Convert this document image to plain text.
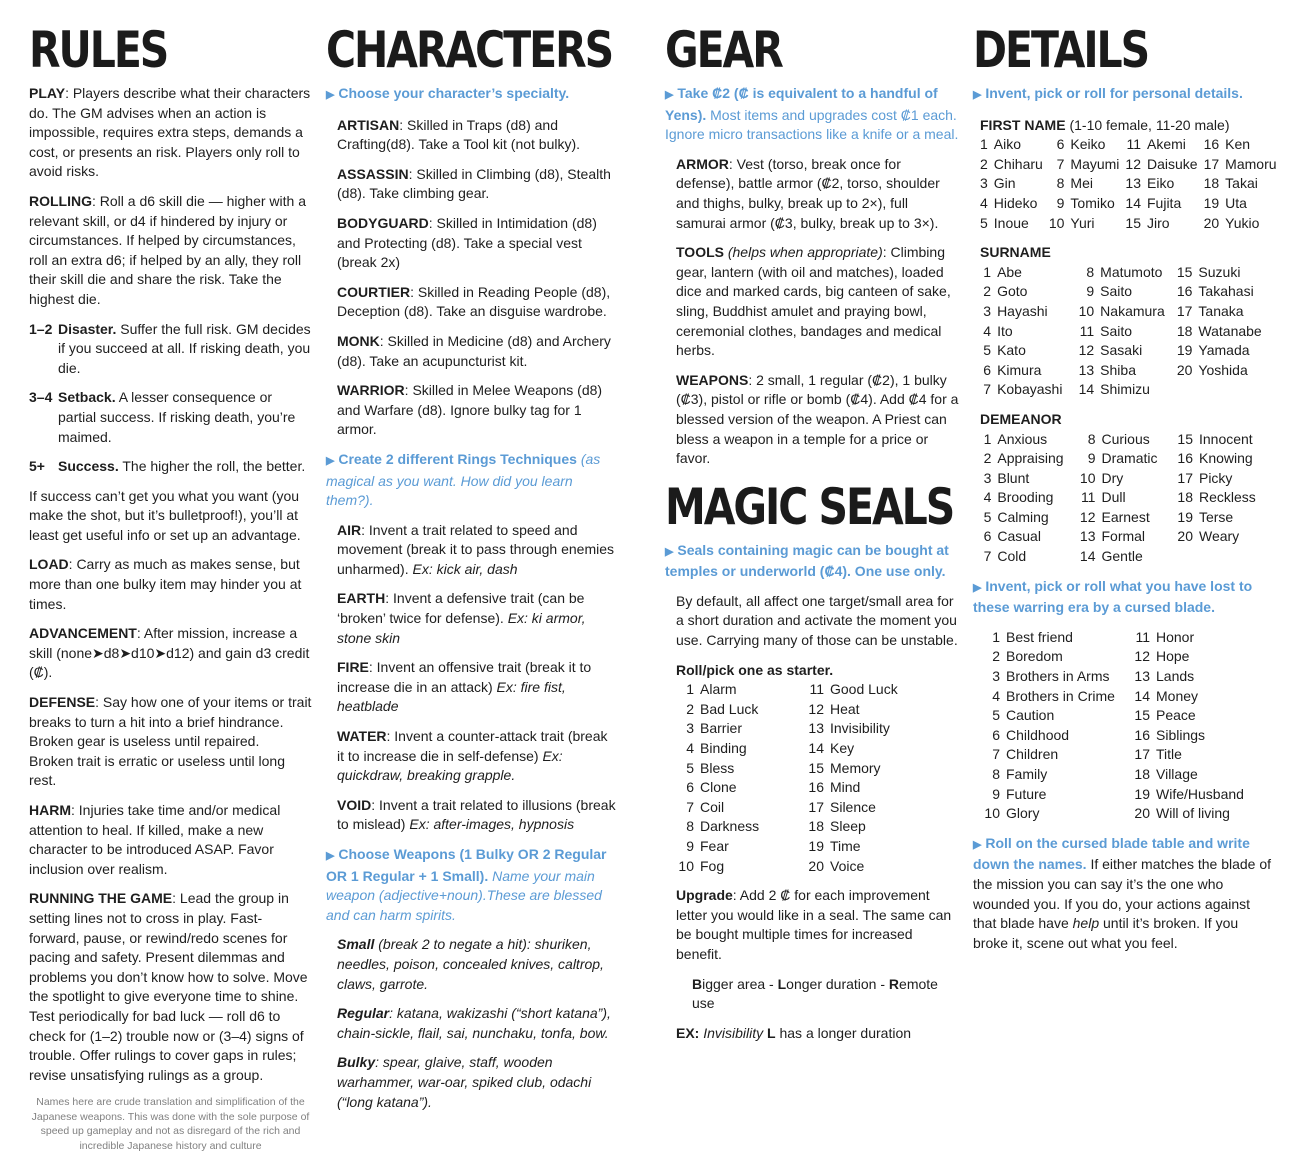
RULES

PLAY: Players describe what their characters do. The GM advises when an action is impossible, requires extra steps, demands a cost, or presents an risk. Players only roll to avoid risks.

ROLLING: Roll a d6 skill die — higher with a relevant skill, or d4 if hindered by injury or circumstances. If helped by circumstances, roll an extra d6; if helped by an ally, they roll their skill die and share the risk. Take the highest die.

1–2 Disaster. Suffer the full risk. GM decides if you succeed at all. If risking death, you die.
3–4 Setback. A lesser consequence or partial success. If risking death, you’re maimed.
5+ Success. The higher the roll, the better.

If success can’t get you what you want (you make the shot, but it’s bulletproof!), you’ll at least get useful info or set up an advantage.

LOAD: Carry as much as makes sense, but more than one bulky item may hinder you at times.

ADVANCEMENT: After mission, increase a skill (none➤d8➤d10➤d12) and gain d3 credit (₡).

DEFENSE: Say how one of your items or trait breaks to turn a hit into a brief hindrance.
Broken gear is useless until repaired.
Broken trait is erratic or useless until long rest.

HARM: Injuries take time and/or medical attention to heal. If killed, make a new character to be introduced ASAP. Favor inclusion over realism.

RUNNING THE GAME: Lead the group in setting lines not to cross in play. Fast-forward, pause, or rewind/redo scenes for pacing and safety. Present dilemmas and problems you don’t know how to solve. Move the spotlight to give everyone time to shine. Test periodically for bad luck — roll d6 to check for (1–2) trouble now or (3–4) signs of trouble. Offer rulings to cover gaps in rules; revise unsatisfying rulings as a group.

Names here are crude translation and simplification of the Japanese weapons. This was done with the sole purpose of speed up gameplay and not as disregard of the rich and incredible Japanese history and culture
CHARACTERS

▶ Choose your character’s specialty.

ARTISAN: Skilled in Traps (d8) and Crafting(d8). Take a Tool kit (not bulky).

ASSASSIN: Skilled in Climbing (d8), Stealth (d8). Take climbing gear.

BODYGUARD: Skilled in Intimidation (d8) and Protecting (d8). Take a special vest (break 2x)

COURTIER: Skilled in Reading People (d8), Deception (d8). Take an disguise wardrobe.

MONK: Skilled in Medicine (d8) and Archery (d8). Take an acupuncturist kit.

WARRIOR: Skilled in Melee Weapons (d8) and Warfare (d8). Ignore bulky tag for 1 armor.

▶ Create 2 different Rings Techniques (as magical as you want. How did you learn them?).

AIR: Invent a trait related to speed and movement (break it to pass through enemies unharmed). Ex: kick air, dash

EARTH: Invent a defensive trait (can be ‘broken’ twice for defense). Ex: ki armor, stone skin

FIRE: Invent an offensive trait (break it to increase die in an attack) Ex: fire fist, heatblade

WATER: Invent a counter-attack trait (break it to increase die in self-defense) Ex: quickdraw, breaking grapple.

VOID: Invent a trait related to illusions (break to mislead) Ex: after-images, hypnosis

▶ Choose Weapons (1 Bulky OR 2 Regular OR 1 Regular + 1 Small). Name your main weapon (adjective+noun).These are blessed and can harm spirits.

Small (break 2 to negate a hit): shuriken, needles, poison, concealed knives, caltrop, claws, garrote.

Regular: katana, wakizashi (“short katana”), chain-sickle, flail, sai, nunchaku, tonfa, bow.

Bulky: spear, glaive, staff, wooden warhammer, war-oar, spiked club, odachi (“long katana”).

GEAR

▶ Take ₡2 (₡ is equivalent to a handful of Yens). Most items and upgrades cost ₡1 each. Ignore micro transactions like a knife or a meal.

ARMOR: Vest (torso, break once for defense), battle armor (₡2, torso, shoulder and thighs, bulky, break up to 2×), full samurai armor (₡3, bulky, break up to 3×).

TOOLS (helps when appropriate): Climbing gear, lantern (with oil and matches), loaded dice and marked cards, big canteen of sake, sling, Buddhist amulet and praying bowl, ceremonial clothes, bandages and medical herbs.

WEAPONS: 2 small, 1 regular (₡2), 1 bulky (₡3), pistol or rifle or bomb (₡4). Add ₡4 for a blessed version of the weapon. A Priest can bless a weapon in a temple for a price or favor.

MAGIC SEALS

▶ Seals containing magic can be bought at temples or underworld (₡4). One use only.

By default, all affect one target/small area for a short duration and activate the moment you use. Carrying many of those can be unstable.

Roll/pick one as starter.
1	Alarm	11	Good Luck
2	Bad Luck	12	Heat
3	Barrier	13	Invisibility
4	Binding	14	Key
5	Bless	15	Memory
6	Clone	16	Mind
7	Coil	17	Silence
8	Darkness	18	Sleep
9	Fear	19	Time
10	Fog	20	Voice

Upgrade: Add 2 ₡ for each improvement letter you would like in a seal. The same can be bought multiple times for increased benefit.

Bigger area - Longer duration - Remote use

EX: Invisibility L has a longer duration

DETAILS

▶ Invent, pick or roll for personal details.

FIRST NAME (1-10 female, 11-20 male)
1	Aiko	6	Keiko	11	Akemi	16	Ken
2	Chiharu	7	Mayumi	12	Daisuke	17	Mamoru
3	Gin	8	Mei	13	Eiko	18	Takai
4	Hideko	9	Tomiko	14	Fujita	19	Uta
5	Inoue	10	Yuri	15	Jiro	20	Yukio
SURNAME
1	Abe	8	Matumoto	15	Suzuki
2	Goto	9	Saito	16	Takahasi
3	Hayashi	10	Nakamura	17	Tanaka
4	Ito	11	Saito	18	Watanabe
5	Kato	12	Sasaki	19	Yamada
6	Kimura	13	Shiba	20	Yoshida
7	Kobayashi	14	Shimizu		
DEMEANOR
1	Anxious	8	Curious	15	Innocent
2	Appraising	9	Dramatic	16	Knowing
3	Blunt	10	Dry	17	Picky
4	Brooding	11	Dull	18	Reckless
5	Calming	12	Earnest	19	Terse
6	Casual	13	Formal	20	Weary
7	Cold	14	Gentle		

▶ Invent, pick or roll what you have lost to these warring era by a cursed blade.

1	Best friend	11	Honor
2	Boredom	12	Hope
3	Brothers in Arms	13	Lands
4	Brothers in Crime	14	Money
5	Caution	15	Peace
6	Childhood	16	Siblings
7	Children	17	Title
8	Family	18	Village
9	Future	19	Wife/Husband
10	Glory	20	Will of living

▶ Roll on the cursed blade table and write down the names. If either matches the blade of the mission you can say it’s the one who wounded you. If you do, your actions against that blade have help until it’s broken. If you broke it, scene out what you feel.
